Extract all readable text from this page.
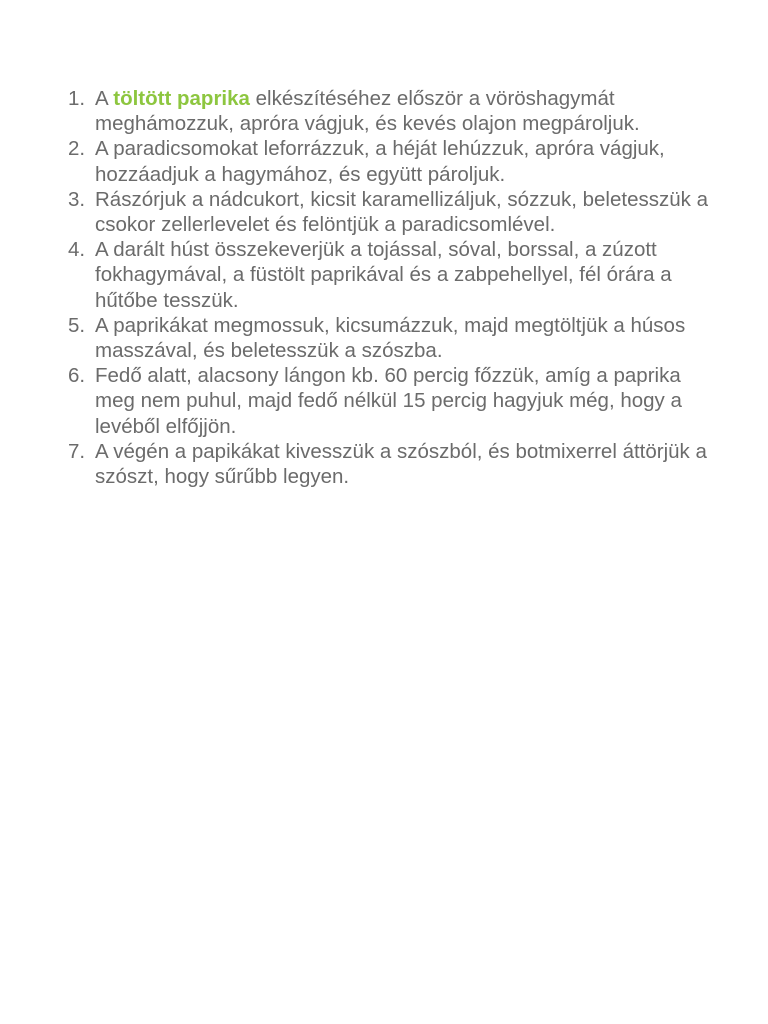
1. A töltött paprika elkészítéséhez először a vöröshagymát meghámozzuk, apróra vágjuk, és kevés olajon megpároljuk.
2. A paradicsomokat leforrázzuk, a héját lehúzzuk, apróra vágjuk, hozzáadjuk a hagymához, és együtt pároljuk.
3. Rászórjuk a nádcukort, kicsit karamellizáljuk, sózzuk, beletesszük a csokor zellerlevelet és felöntjük a paradicsomlével.
4. A darált húst összekeverjük a tojással, sóval, borssal, a zúzott fokhagymával, a füstölt paprikával és a zabpehellyel, fél órára a hűtőbe tesszük.
5. A paprikákat megmossuk, kicsumázzuk, majd megtöltjük a húsos masszával, és beletesszük a szószba.
6. Fedő alatt, alacsony lángon kb. 60 percig főzzük, amíg a paprika meg nem puhul, majd fedő nélkül 15 percig hagyjuk még, hogy a levéből elfőjjön.
7. A végén a papikákat kivesszük a szószból, és botmixerrel áttörjük a szószt, hogy sűrűbb legyen.
